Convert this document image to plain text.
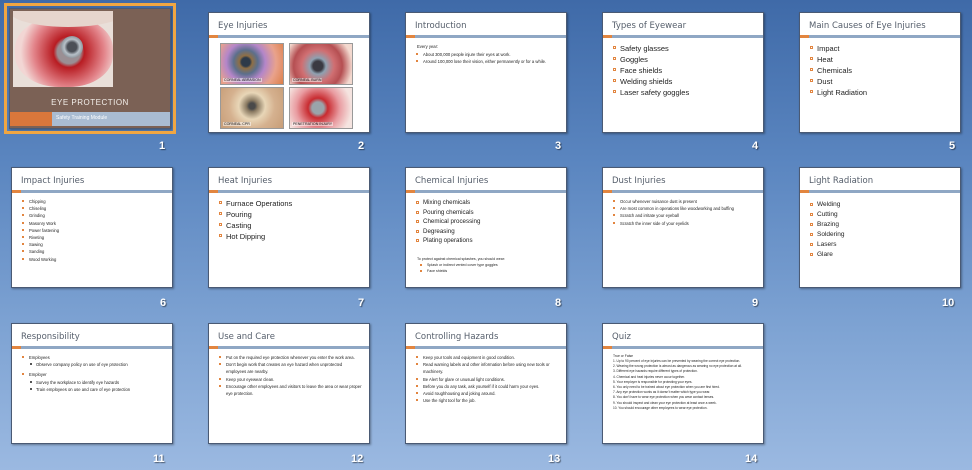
EYE PROTECTION
Safety Training Module
1
Eye Injuries
CORNEAL ABRASION	CORNEAL BURN
CORNEAL CPR	PENETRATION INJURY
2
Introduction
Every year:
About 300,000 people injure their eyes at work.
Around 100,000 lose their vision, either permanently or for a while.
3
Types of Eyewear
Safety glasses
Goggles
Face shields
Welding shields
Laser safety goggles
4
Main Causes of Eye Injuries
Impact
Heat
Chemicals
Dust
Light Radiation
5
Impact Injuries
Chipping
Chiseling
Grinding
Masonry Work
Power fastening
Riveting
Sawing
Sanding
Wood Working
6
Heat Injuries
Furnace Operations
Pouring
Casting
Hot Dipping
7
Chemical Injuries
Mixing chemicals
Pouring chemicals
Chemical processing
Degreasing
Plating operations
To protect against chemical splashes, you should wear:
Splash or indirect vented cover type goggles
Face shields
8
Dust Injuries
Occur whenever nuisance dust is present
Are most common in operations like woodworking and buffing
Scratch and irritate your eyeball
Scratch the inner side of your eyelids
9
Light Radiation
Welding
Cutting
Brazing
Soldering
Lasers
Glare
10
Responsibility
Employees
Observe company policy on use of eye protection
Employer
Survey the workplace to identify eye hazards
Train employees on use and care of eye protection
11
Use and Care
Put on the required eye protection whenever you enter the work area.
Don't begin work that creates an eye hazard when unprotected employees are nearby.
Keep your eyewear clean.
Encourage other employees and visitors to leave the area or wear proper eye protection.
12
Controlling Hazards
Keep your tools and equipment in good condition.
Read warning labels and other information before using new tools or machinery.
Be Alert for glare or unusual light conditions.
Before you do any task, ask yourself if it could harm your eyes.
Avoid roughhousing and joking around.
Use the right tool for the job.
13
Quiz
True or False
1. Up to 90 percent of eye injuries can be prevented by wearing the correct eye protection.
2. Wearing the wrong protection is almost as dangerous as wearing no eye protection at all.
3. Different eye hazards require different types of protection.
4. Chemical and heat injuries never occur together.
5. Your employer is responsible for protecting your eyes.
6. You only need to be trained about eye protection when you are first hired.
7. Any eye protection works as it doesn't matter which type you wear.
8. You don't have to wear eye protection when you wear contact lenses.
9. You should inspect and clean your eye protection at least once a week.
10. You should encourage other employees to wear eye protection.
14
